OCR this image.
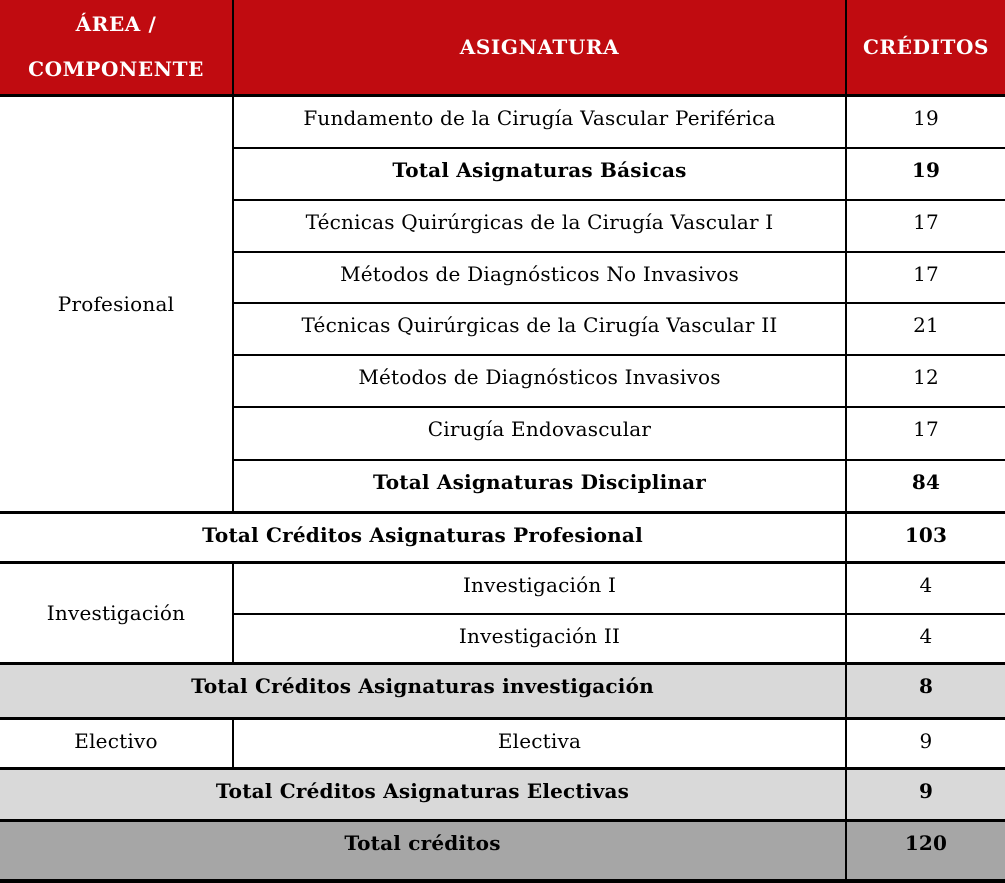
ÁREA /
COMPONENTE	ASIGNATURA	CRÉDITOS
Profesional	Fundamento de la Cirugía Vascular Periférica	19
	Total Asignaturas Básicas	19
	Técnicas Quirúrgicas de la Cirugía Vascular I	17
	Métodos de Diagnósticos No Invasivos	17
	Técnicas Quirúrgicas de la Cirugía Vascular II	21
	Métodos de Diagnósticos Invasivos	12
	Cirugía Endovascular	17
	Total Asignaturas Disciplinar	84
Total Créditos Asignaturas Profesional		103
Investigación	Investigación I	4
	Investigación II	4
Total Créditos Asignaturas investigación		8
Electivo	Electiva	9
Total Créditos Asignaturas Electivas		9
Total créditos		120
